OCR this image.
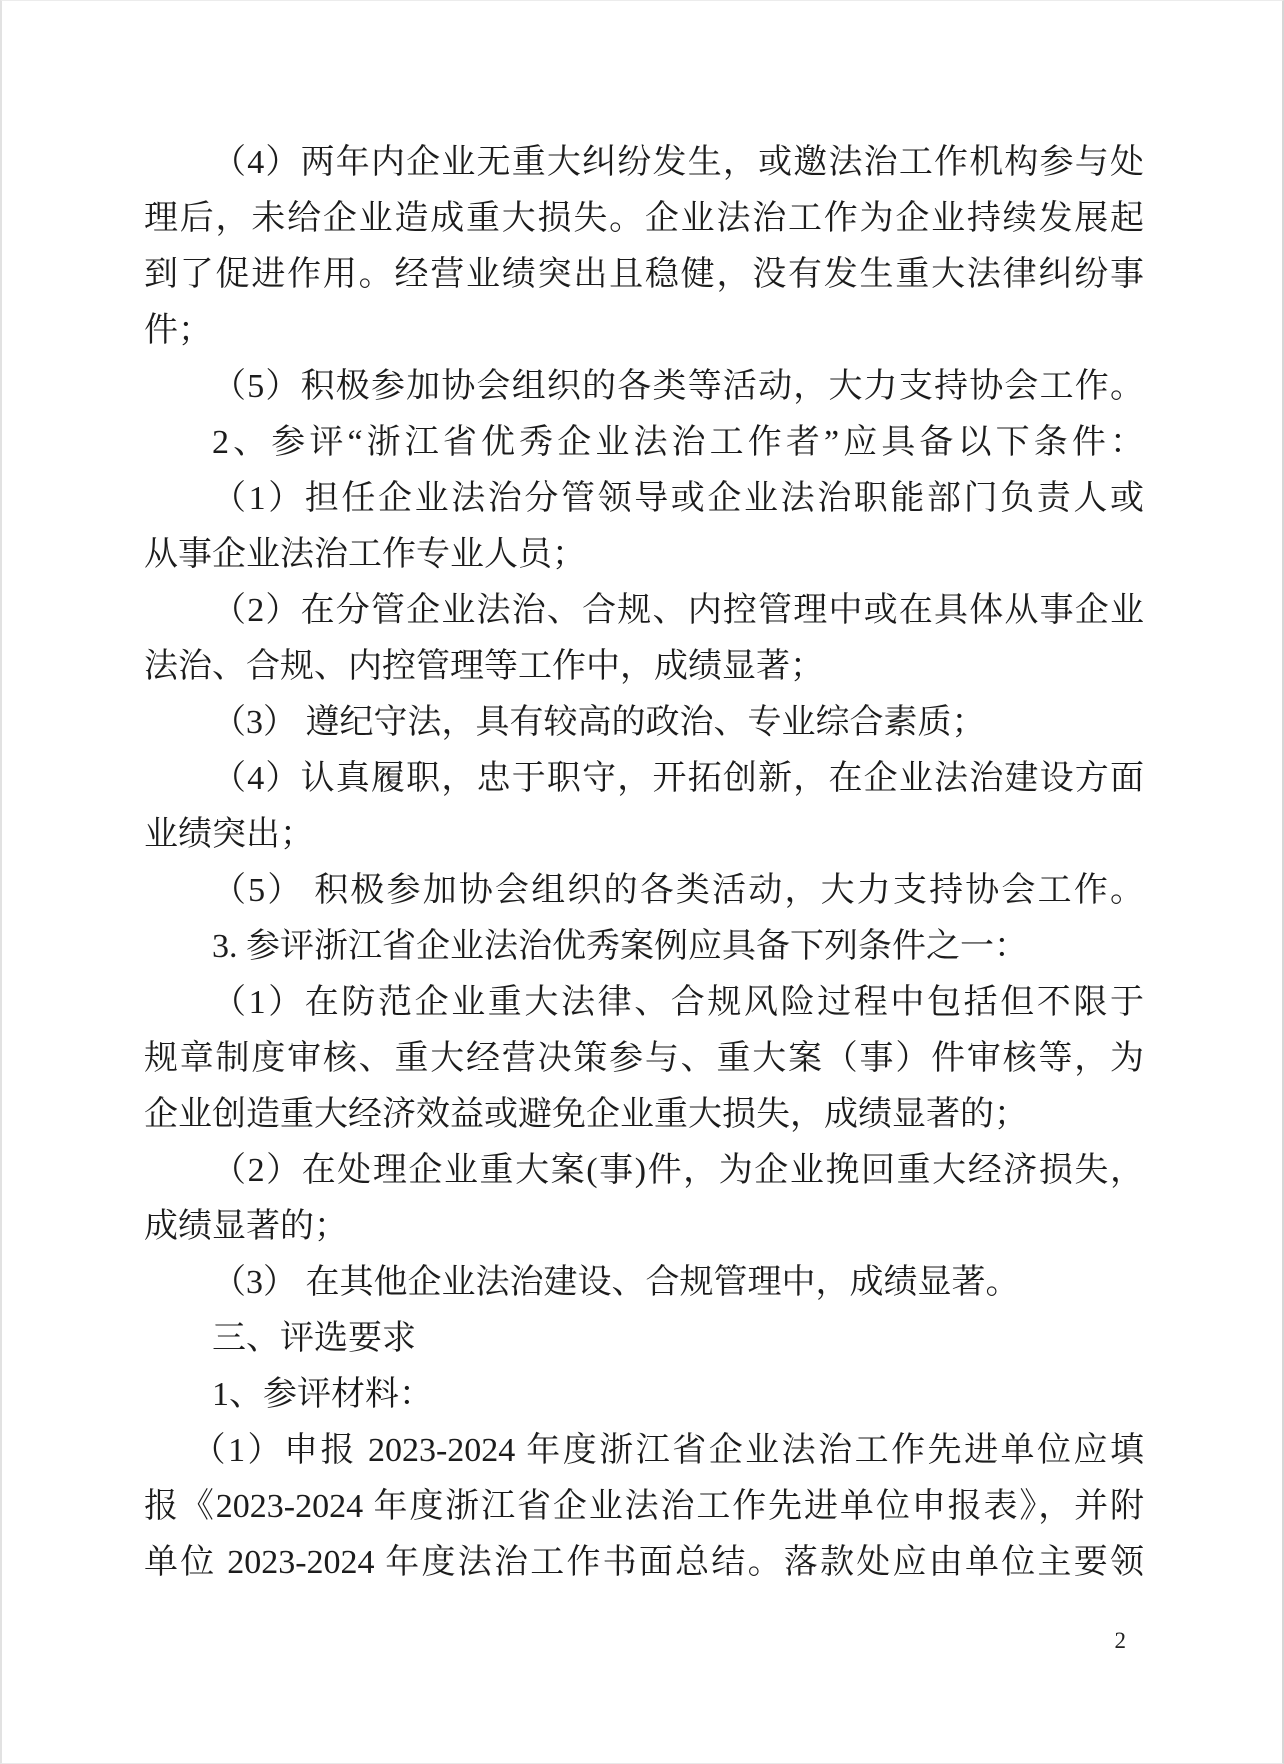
（4）两年内企业无重大纠纷发生，或邀法治工作机构参与处
理后，未给企业造成重大损失。企业法治工作为企业持续发展起
到了促进作用。经营业绩突出且稳健，没有发生重大法律纠纷事
件；
（5）积极参加协会组织的各类等活动，大力支持协会工作。
2、参评“浙江省优秀企业法治工作者”应具备以下条件：
（1）担任企业法治分管领导或企业法治职能部门负责人或
从事企业法治工作专业人员；
（2）在分管企业法治、合规、内控管理中或在具体从事企业
法治、合规、内控管理等工作中，成绩显著；
（3） 遵纪守法，具有较高的政治、专业综合素质；
（4）认真履职，忠于职守，开拓创新，在企业法治建设方面
业绩突出；
（5） 积极参加协会组织的各类活动，大力支持协会工作。
3. 参评浙江省企业法治优秀案例应具备下列条件之一：
（1）在防范企业重大法律、合规风险过程中包括但不限于
规章制度审核、重大经营决策参与、重大案（事）件审核等，为
企业创造重大经济效益或避免企业重大损失，成绩显著的；
（2）在处理企业重大案(事)件，为企业挽回重大经济损失，
成绩显著的；
（3） 在其他企业法治建设、合规管理中，成绩显著。
三、评选要求
1、参评材料：
（1）申报 2023-2024 年度浙江省企业法治工作先进单位应填
报《2023-2024 年度浙江省企业法治工作先进单位申报表》，并附
单位 2023-2024 年度法治工作书面总结。落款处应由单位主要领
2
